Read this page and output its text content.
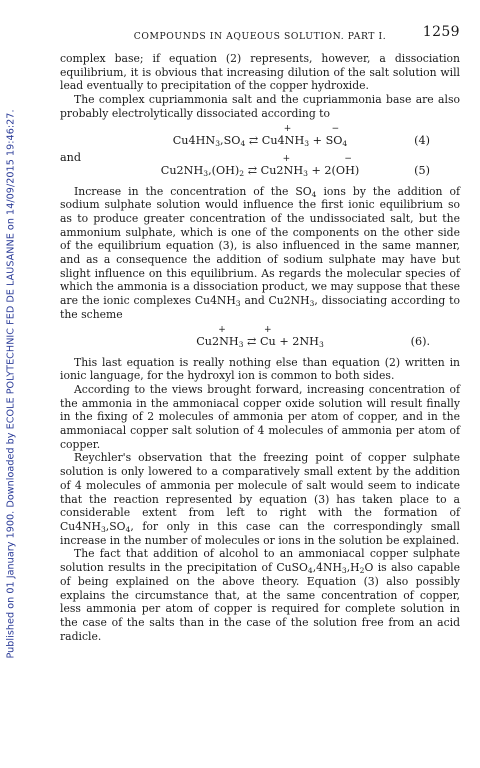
Published on 01 January 1900. Downloaded by ECOLE POLYTECHNIC FED DE LAUSANNE on 14/09/2015 19:46:27.
COMPOUNDS IN AQUEOUS SOLUTION. PART I.	1259

complex base; if equation (2) represents, however, a dissociation equilibrium, it is obvious that increasing dilution of the salt solution will lead eventually to precipitation of the copper hydroxide.

The complex cupriammonia salt and the cupriammonia base are also probably electrolytically dissociated according to

$Cu4HN_3,SO_4$ ⇄
+
$Cu4NH_3$ +
−
$SO_4$	(4)
and
$Cu2NH_3,(OH)_2$ ⇄
+
$Cu2NH_3$ +
−
2(OH)	(5)

Increase in the concentration of the $SO_4$ ions by the addition of sodium sulphate solution would influence the first ionic equilibrium so as to produce greater concentration of the undissociated salt, but the ammonium sulphate, which is one of the components on the other side of the equilibrium equation (3), is also influenced in the same manner, and as a consequence the addition of sodium sulphate may have but slight influence on this equilibrium. As regards the molecular species of which the ammonia is a dissociation product, we may suppose that these are the ionic complexes $Cu4NH_3$ and $Cu2NH_3$, dissociating according to the scheme

+
$Cu2NH_3$ ⇄
+
$Cu + 2NH_3$	(6).

This last equation is really nothing else than equation (2) written in ionic language, for the hydroxyl ion is common to both sides.

According to the views brought forward, increasing concentration of the ammonia in the ammoniacal copper oxide solution will result finally in the fixing of 2 molecules of ammonia per atom of copper, and in the ammoniacal copper salt solution of 4 molecules of ammonia per atom of copper.

Reychler's observation that the freezing point of copper sulphate solution is only lowered to a comparatively small extent by the addition of 4 molecules of ammonia per molecule of salt would seem to indicate that the reaction represented by equation (3) has taken place to a considerable extent from left to right with the formation of $Cu4NH_3,SO_4$, for only in this case can the correspondingly small increase in the number of molecules or ions in the solution be explained.

The fact that addition of alcohol to an ammoniacal copper sulphate solution results in the precipitation of $CuSO_4,4NH_3,H_2O$ is also capable of being explained on the above theory. Equation (3) also possibly explains the circumstance that, at the same concentration of copper, less ammonia per atom of copper is required for complete solution in the case of the salts than in the case of the solution free from an acid radicle.
